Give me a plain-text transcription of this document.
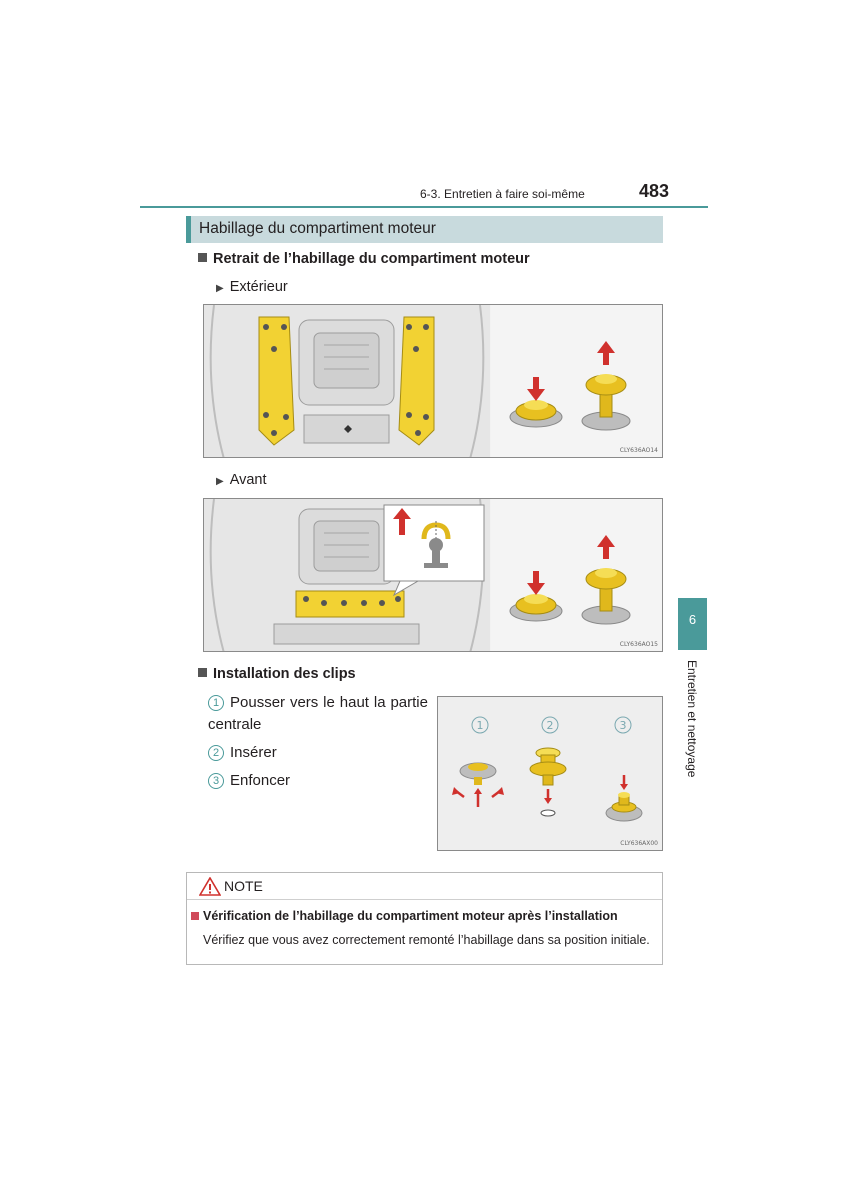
6-3. Entretien à faire soi-même	483
6
Entretien et nettoyage
Habillage du compartiment moteur
Retrait de l’habillage du compartiment moteur
▶ Extérieur
CLY636AO14
▶ Avant
CLY636AO15
Installation des clips
1 Pousser vers le haut la partie centrale
2 Insérer
3 Enfoncer
1	2	3
CLY636AX00
NOTE
Vérification de l’habillage du compartiment moteur après l’installation
Vérifiez que vous avez correctement remonté l’habillage dans sa position initiale.
